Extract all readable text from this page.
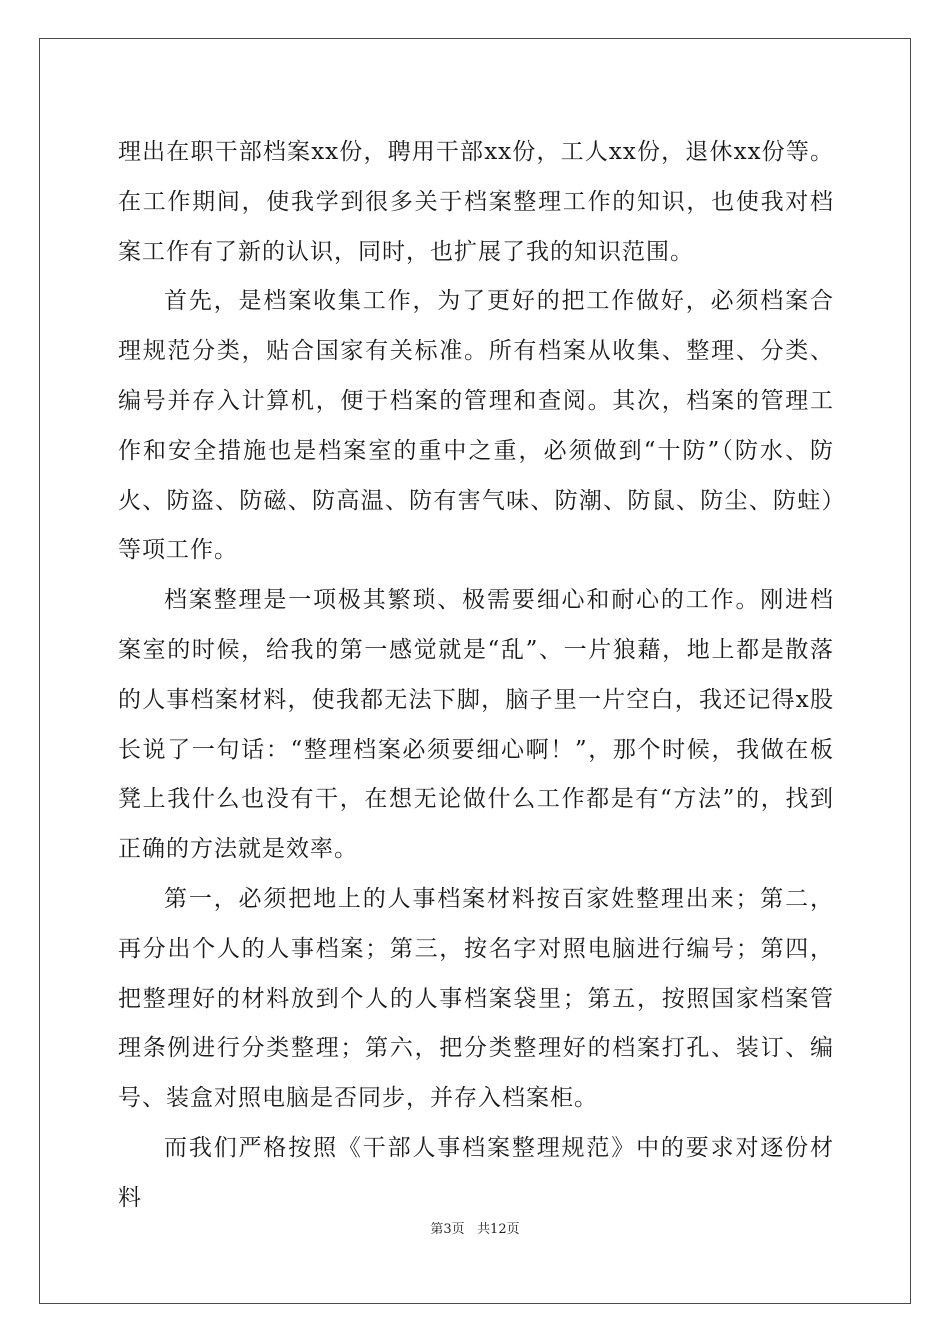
理出在职干部档案xx份，聘用干部xx份，工人xx份，退休xx份等。在工作期间，使我学到很多关于档案整理工作的知识，也使我对档案工作有了新的认识，同时，也扩展了我的知识范围。

首先，是档案收集工作，为了更好的把工作做好，必须档案合理规范分类，贴合国家有关标准。所有档案从收集、整理、分类、编号并存入计算机，便于档案的管理和查阅。其次，档案的管理工作和安全措施也是档案室的重中之重，必须做到“十防”（防水、防火、防盗、防磁、防高温、防有害气味、防潮、防鼠、防尘、防蛀）等项工作。

档案整理是一项极其繁琐、极需要细心和耐心的工作。刚进档案室的时候，给我的第一感觉就是“乱”、一片狼藉，地上都是散落的人事档案材料，使我都无法下脚，脑子里一片空白，我还记得x股长说了一句话：“整理档案必须要细心啊！”，那个时候，我做在板凳上我什么也没有干，在想无论做什么工作都是有“方法”的，找到正确的方法就是效率。

第一，必须把地上的人事档案材料按百家姓整理出来；第二，再分出个人的人事档案；第三，按名字对照电脑进行编号；第四，把整理好的材料放到个人的人事档案袋里；第五，按照国家档案管理条例进行分类整理；第六，把分类整理好的档案打孔、装订、编号、装盒对照电脑是否同步，并存入档案柜。

而我们严格按照《干部人事档案整理规范》中的要求对逐份材料

第3页   共12页
